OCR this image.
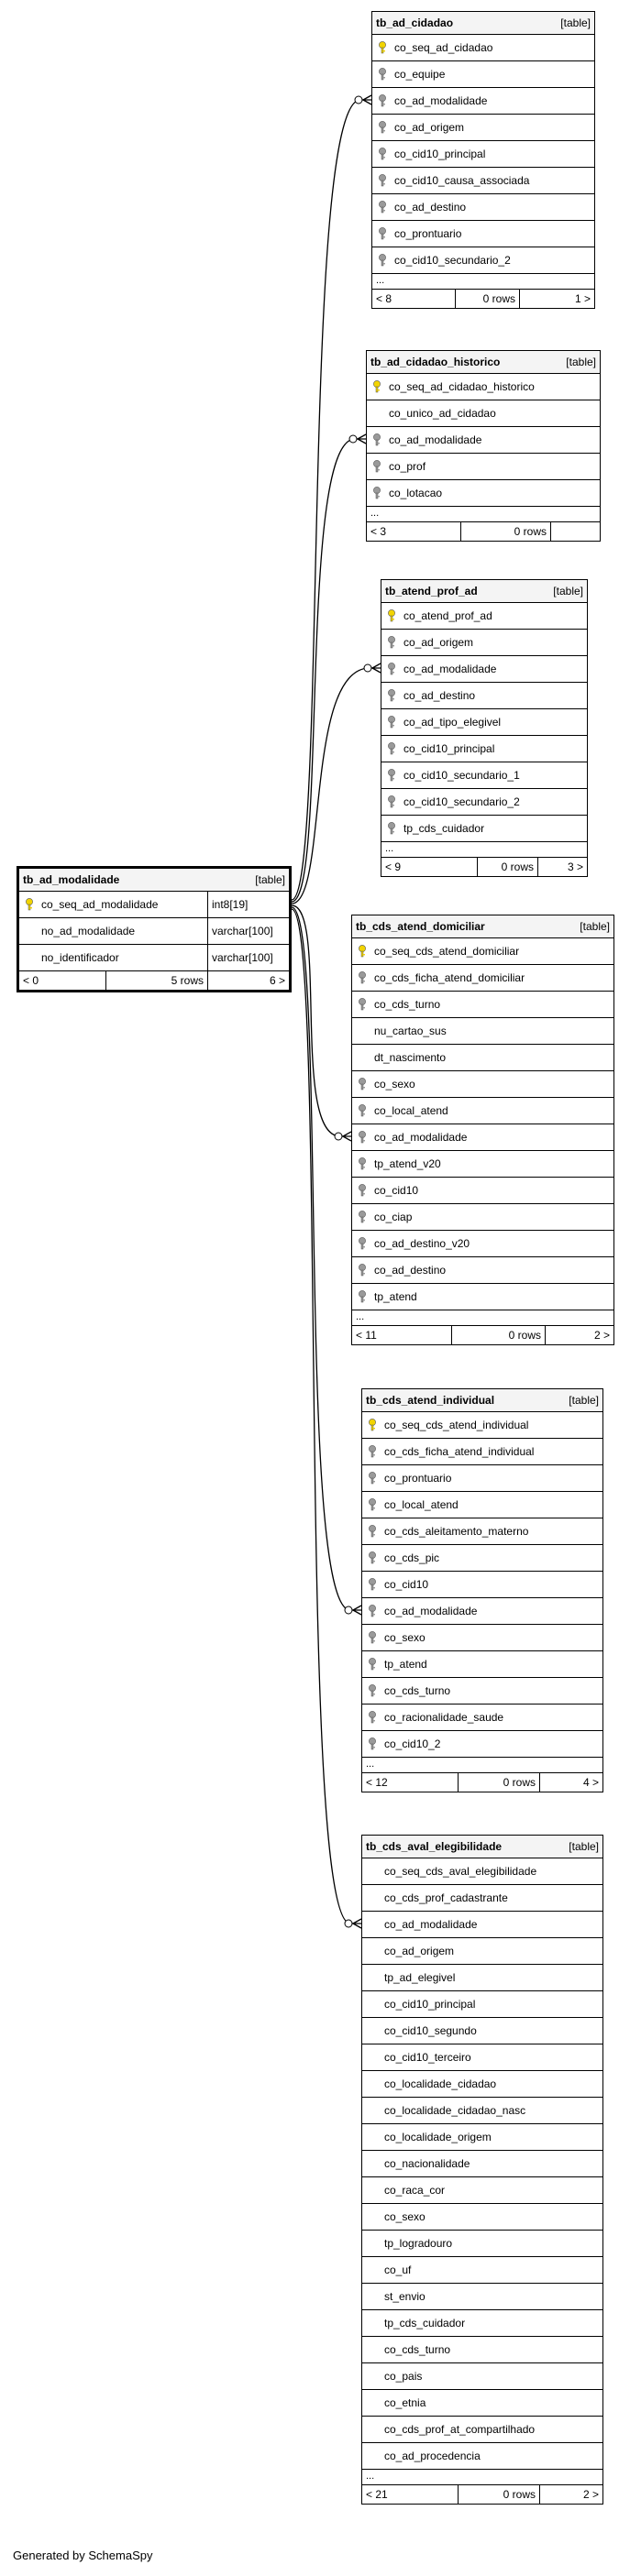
tb_ad_cidadao	[table]
co_seq_ad_cidadao
co_equipe
co_ad_modalidade
co_ad_origem
co_cid10_principal
co_cid10_causa_associada
co_ad_destino
co_prontuario
co_cid10_secundario_2
...
< 8	0 rows	1 >
tb_ad_cidadao_historico	[table]
co_seq_ad_cidadao_historico
co_unico_ad_cidadao
co_ad_modalidade
co_prof
co_lotacao
...
< 3	0 rows
tb_atend_prof_ad	[table]
co_atend_prof_ad
co_ad_origem
co_ad_modalidade
co_ad_destino
co_ad_tipo_elegivel
co_cid10_principal
co_cid10_secundario_1
co_cid10_secundario_2
tp_cds_cuidador
...
< 9	0 rows	3 >
tb_ad_modalidade	[table]
co_seq_ad_modalidade	int8[19]
no_ad_modalidade	varchar[100]
no_identificador	varchar[100]
< 0	5 rows	6 >
tb_cds_atend_domiciliar	[table]
co_seq_cds_atend_domiciliar
co_cds_ficha_atend_domiciliar
co_cds_turno
nu_cartao_sus
dt_nascimento
co_sexo
co_local_atend
co_ad_modalidade
tp_atend_v20
co_cid10
co_ciap
co_ad_destino_v20
co_ad_destino
tp_atend
...
< 11	0 rows	2 >
tb_cds_atend_individual	[table]
co_seq_cds_atend_individual
co_cds_ficha_atend_individual
co_prontuario
co_local_atend
co_cds_aleitamento_materno
co_cds_pic
co_cid10
co_ad_modalidade
co_sexo
tp_atend
co_cds_turno
co_racionalidade_saude
co_cid10_2
...
< 12	0 rows	4 >
tb_cds_aval_elegibilidade	[table]
co_seq_cds_aval_elegibilidade
co_cds_prof_cadastrante
co_ad_modalidade
co_ad_origem
tp_ad_elegivel
co_cid10_principal
co_cid10_segundo
co_cid10_terceiro
co_localidade_cidadao
co_localidade_cidadao_nasc
co_localidade_origem
co_nacionalidade
co_raca_cor
co_sexo
tp_logradouro
co_uf
st_envio
tp_cds_cuidador
co_cds_turno
co_pais
co_etnia
co_cds_prof_at_compartilhado
co_ad_procedencia
...
< 21	0 rows	2 >
Generated by SchemaSpy
